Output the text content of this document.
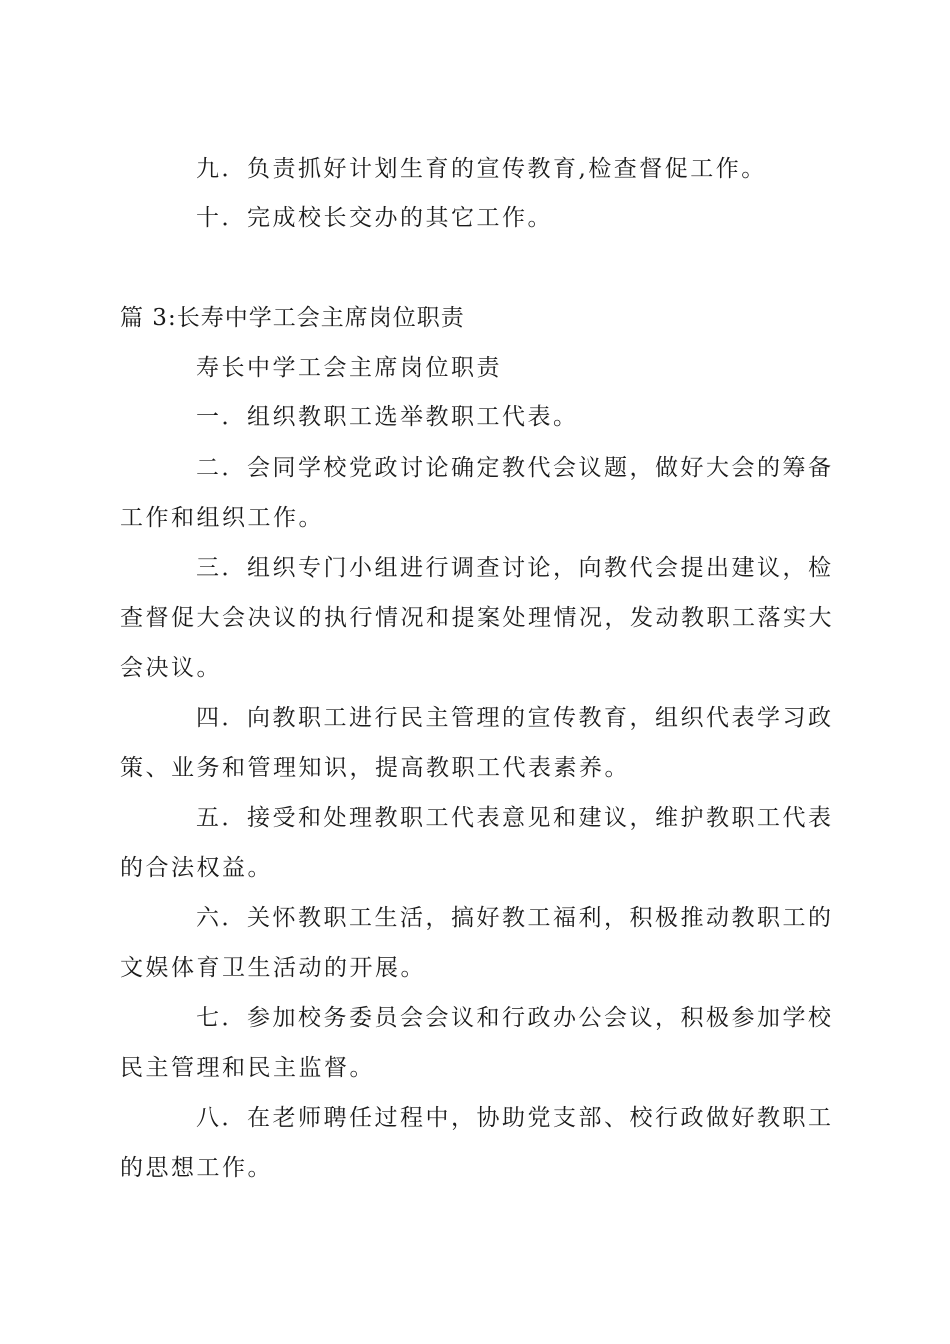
九．负责抓好计划生育的宣传教育,检查督促工作。
十．完成校长交办的其它工作。
篇 3:长寿中学工会主席岗位职责
寿长中学工会主席岗位职责
一．组织教职工选举教职工代表。
二．会同学校党政讨论确定教代会议题，做好大会的筹备
工作和组织工作。
三．组织专门小组进行调查讨论，向教代会提出建议，检
查督促大会决议的执行情况和提案处理情况，发动教职工落实大
会决议。
四．向教职工进行民主管理的宣传教育，组织代表学习政
策、业务和管理知识，提高教职工代表素养。
五．接受和处理教职工代表意见和建议，维护教职工代表
的合法权益。
六．关怀教职工生活，搞好教工福利，积极推动教职工的
文娱体育卫生活动的开展。
七．参加校务委员会会议和行政办公会议，积极参加学校
民主管理和民主监督。
八．在老师聘任过程中，协助党支部、校行政做好教职工
的思想工作。
